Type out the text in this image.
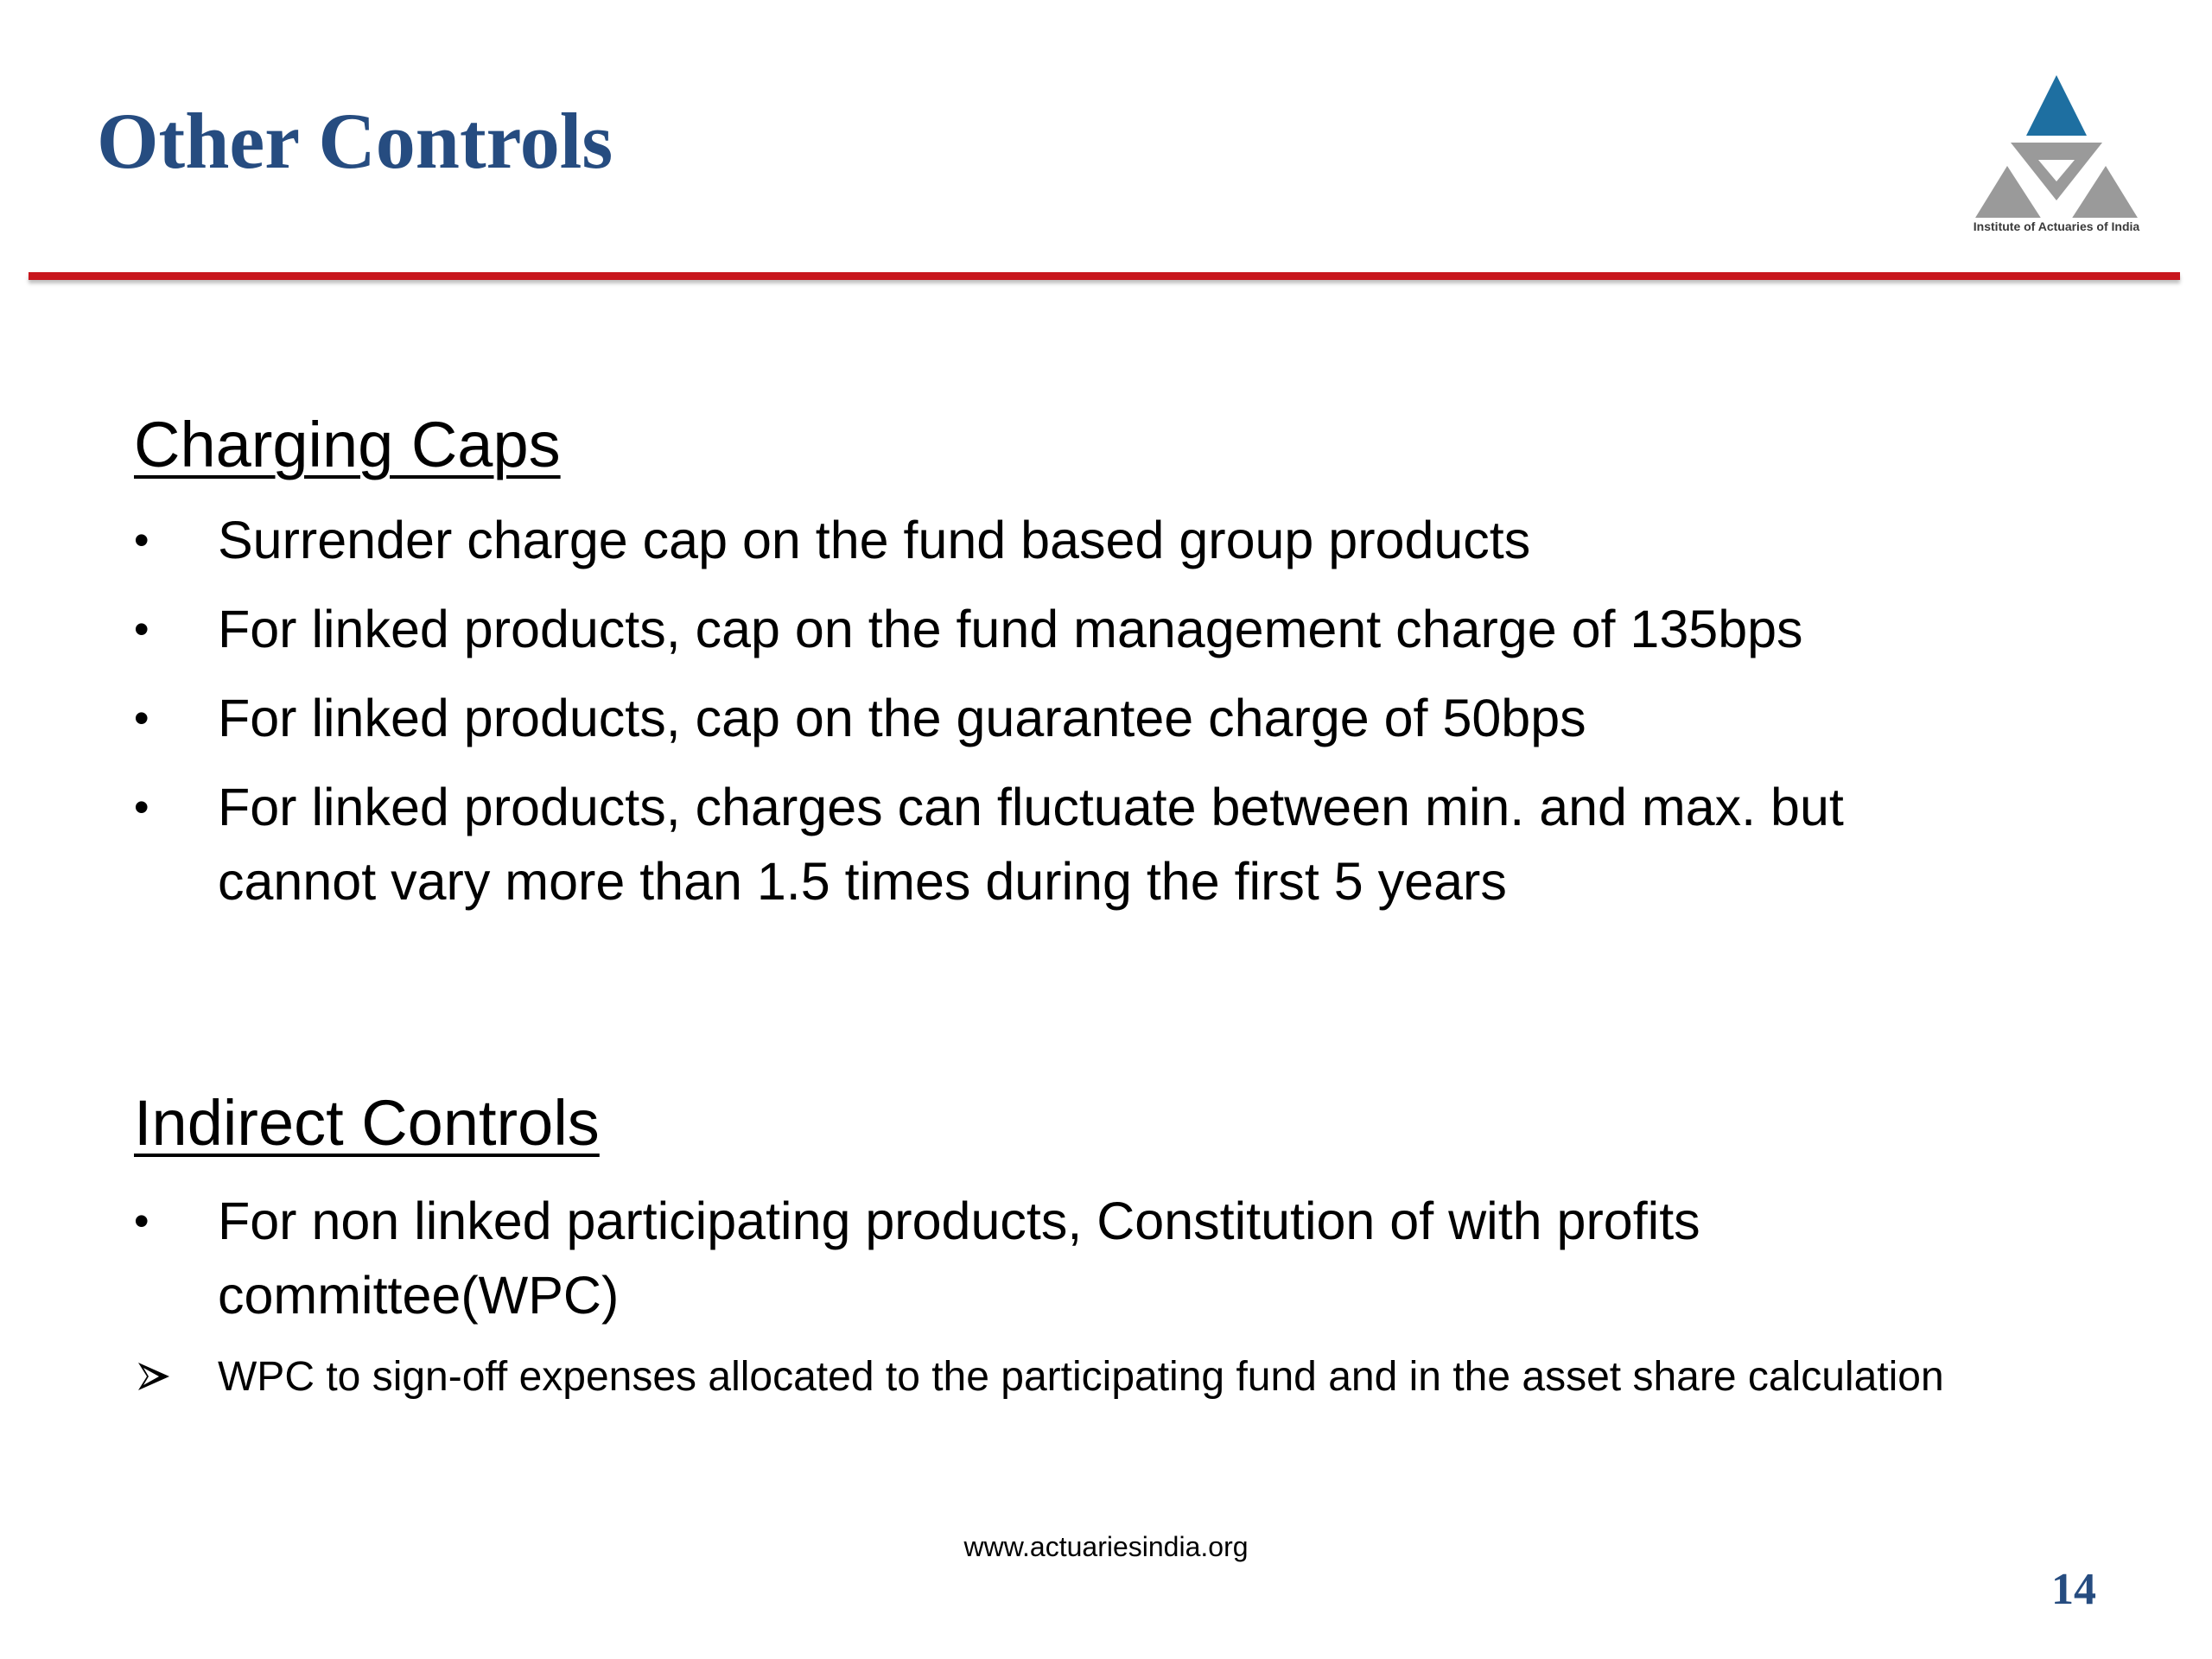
Other Controls
Institute of Actuaries of India
Charging Caps
• Surrender charge cap on the fund based group products
• For linked products, cap on the fund management charge of 135bps
• For linked products, cap on the guarantee charge of 50bps
• For linked products, charges can fluctuate between min. and max. but cannot vary more than 1.5 times during the first 5 years
Indirect Controls
• For non linked participating products, Constitution of with profits committee(WPC)
WPC to sign-off expenses allocated to the participating fund and in the asset share calculation
www.actuariesindia.org
14
